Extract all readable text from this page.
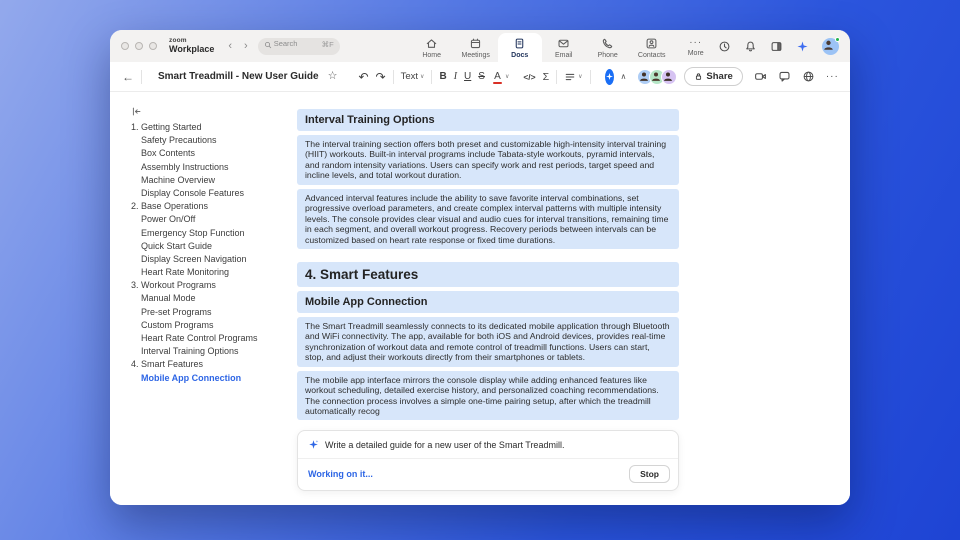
zoom
Workplace ‹ ›	Search	⌘F
Home	Meetings	Docs	Email	Phone	Contacts
···
More
← Smart Treadmill - New User Guide ☆ ↶ ↷ Text ∨ B I U S A ∨ </> Σ	∨	∧	Share	···
1. Getting Started
Safety Precautions
Box Contents
Assembly Instructions
Machine Overview
Display Console Features
2. Base Operations
Power On/Off
Emergency Stop Function
Quick Start Guide
Display Screen Navigation
Heart Rate Monitoring
3. Workout Programs
Manual Mode
Pre-set Programs
Custom Programs
Heart Rate Control Programs
Interval Training Options
4. Smart Features
Mobile App Connection
Interval Training Options
The interval training section offers both preset and customizable high-intensity interval training (HIIT) workouts. Built-in interval programs include Tabata-style workouts, pyramid intervals, and random intensity variations. Users can specify work and rest periods, target speed and incline levels, and total workout duration.
Advanced interval features include the ability to save favorite interval combinations, set progressive overload parameters, and create complex interval patterns with multiple intensity levels. The console provides clear visual and audio cues for interval transitions, remaining time in each segment, and overall workout progress. Recovery periods between intervals can be customized based on heart rate response or fixed time durations.
4. Smart Features
Mobile App Connection
The Smart Treadmill seamlessly connects to its dedicated mobile application through Bluetooth and WiFi connectivity. The app, available for both iOS and Android devices, provides real-time synchronization of workout data and remote control of treadmill functions. Users can start, stop, and adjust their workouts directly from their smartphones or tablets.
The mobile app interface mirrors the console display while adding enhanced features like workout scheduling, detailed exercise history, and personalized coaching recommendations. The connection process involves a simple one-time pairing setup, after which the treadmill automatically recog
Write a detailed guide for a new user of the Smart Treadmill.
Working on it...	Stop
